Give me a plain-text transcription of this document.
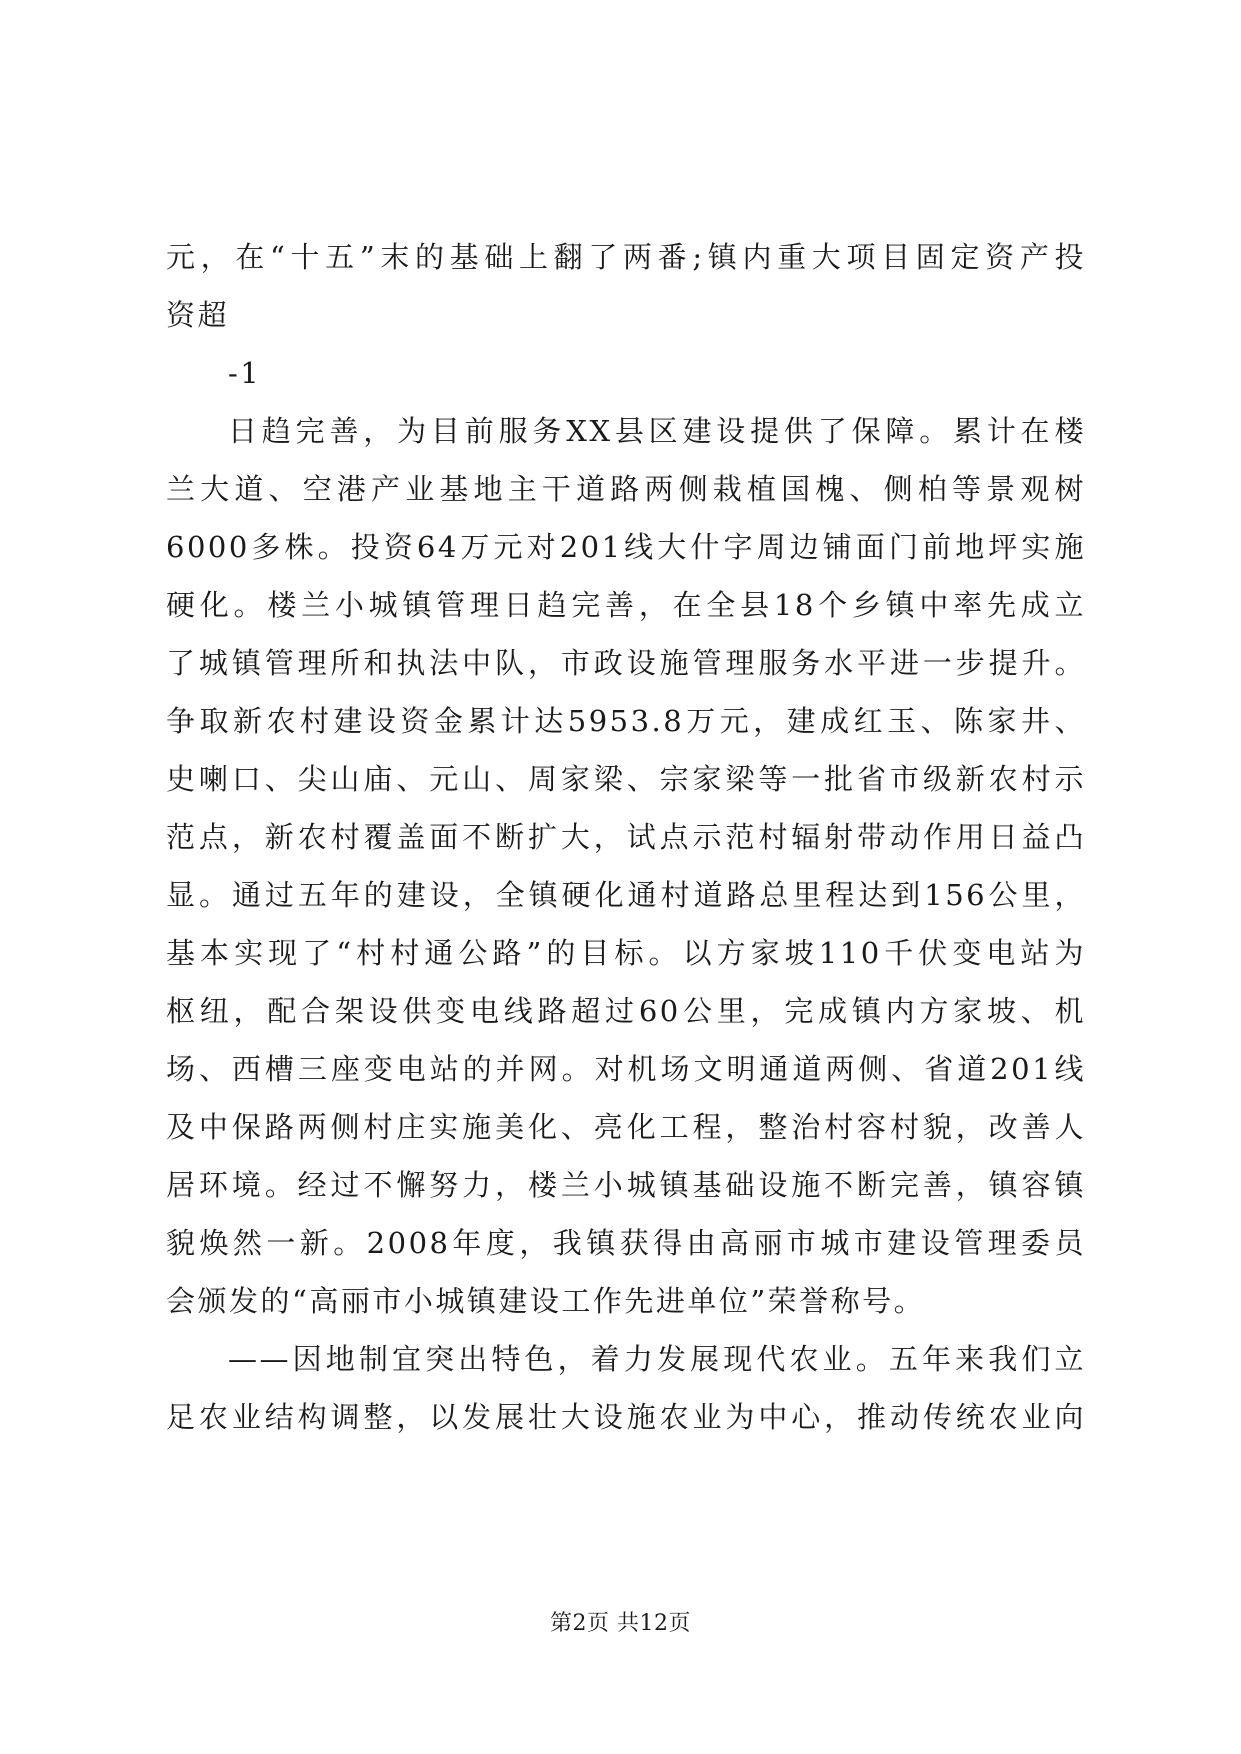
元，在“十五”末的基础上翻了两番;镇内重大项目固定资产投
资超
-1
日趋完善，为目前服务XX县区建设提供了保障。累计在楼
兰大道、空港产业基地主干道路两侧栽植国槐、侧柏等景观树
6000多株。投资64万元对201线大什字周边铺面门前地坪实施
硬化。楼兰小城镇管理日趋完善，在全县18个乡镇中率先成立
了城镇管理所和执法中队，市政设施管理服务水平进一步提升。
争取新农村建设资金累计达5953.8万元，建成红玉、陈家井、
史喇口、尖山庙、元山、周家梁、宗家梁等一批省市级新农村示
范点，新农村覆盖面不断扩大，试点示范村辐射带动作用日益凸
显。通过五年的建设，全镇硬化通村道路总里程达到156公里，
基本实现了“村村通公路”的目标。以方家坡110千伏变电站为
枢纽，配合架设供变电线路超过60公里，完成镇内方家坡、机
场、西槽三座变电站的并网。对机场文明通道两侧、省道201线
及中保路两侧村庄实施美化、亮化工程，整治村容村貌，改善人
居环境。经过不懈努力，楼兰小城镇基础设施不断完善，镇容镇
貌焕然一新。2008年度，我镇获得由高丽市城市建设管理委员
会颁发的“高丽市小城镇建设工作先进单位”荣誉称号。
——因地制宜突出特色，着力发展现代农业。五年来我们立
足农业结构调整，以发展壮大设施农业为中心，推动传统农业向
第2页 共12页
